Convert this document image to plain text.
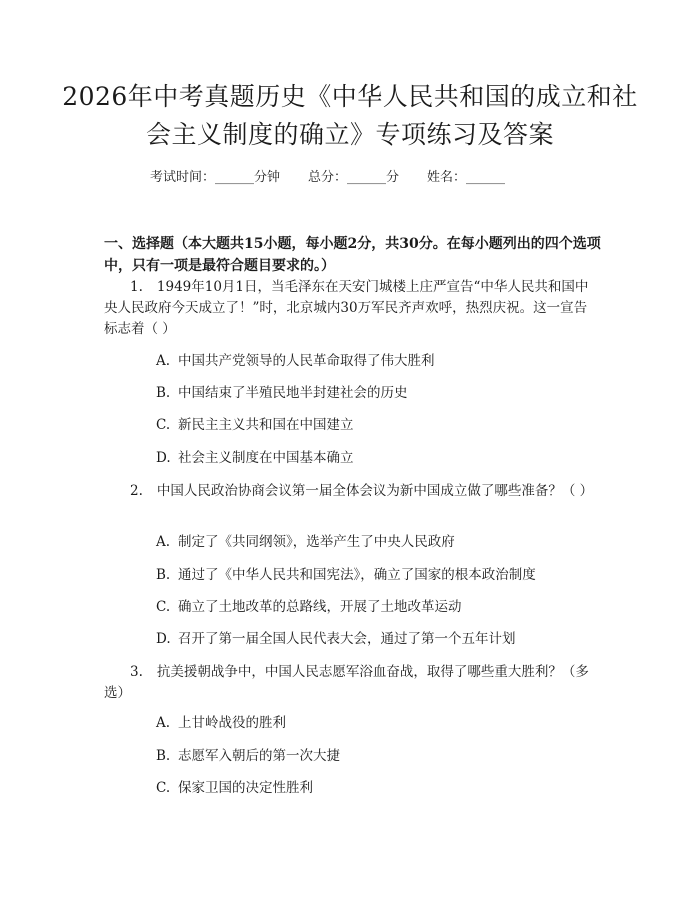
2026年中考真题历史《中华人民共和国的成立和社会主义制度的确立》专项练习及答案
考试时间：______分钟 总分：______分 姓名：______
一、选择题（本大题共15小题，每小题2分，共30分。在每小题列出的四个选项中，只有一项是最符合题目要求的。）
1. 1949年10月1日，当毛泽东在天安门城楼上庄严宣告“中华人民共和国中央人民政府今天成立了！”时，北京城内30万军民齐声欢呼，热烈庆祝。这一宣告标志着（ ）
A. 中国共产党领导的人民革命取得了伟大胜利
B. 中国结束了半殖民地半封建社会的历史
C. 新民主主义共和国在中国建立
D. 社会主义制度在中国基本确立
2. 中国人民政治协商会议第一届全体会议为新中国成立做了哪些准备？（ ）
A. 制定了《共同纲领》，选举产生了中央人民政府
B. 通过了《中华人民共和国宪法》，确立了国家的根本政治制度
C. 确立了土地改革的总路线，开展了土地改革运动
D. 召开了第一届全国人民代表大会，通过了第一个五年计划
3. 抗美援朝战争中，中国人民志愿军浴血奋战，取得了哪些重大胜利？（多选）
A. 上甘岭战役的胜利
B. 志愿军入朝后的第一次大捷
C. 保家卫国的决定性胜利
